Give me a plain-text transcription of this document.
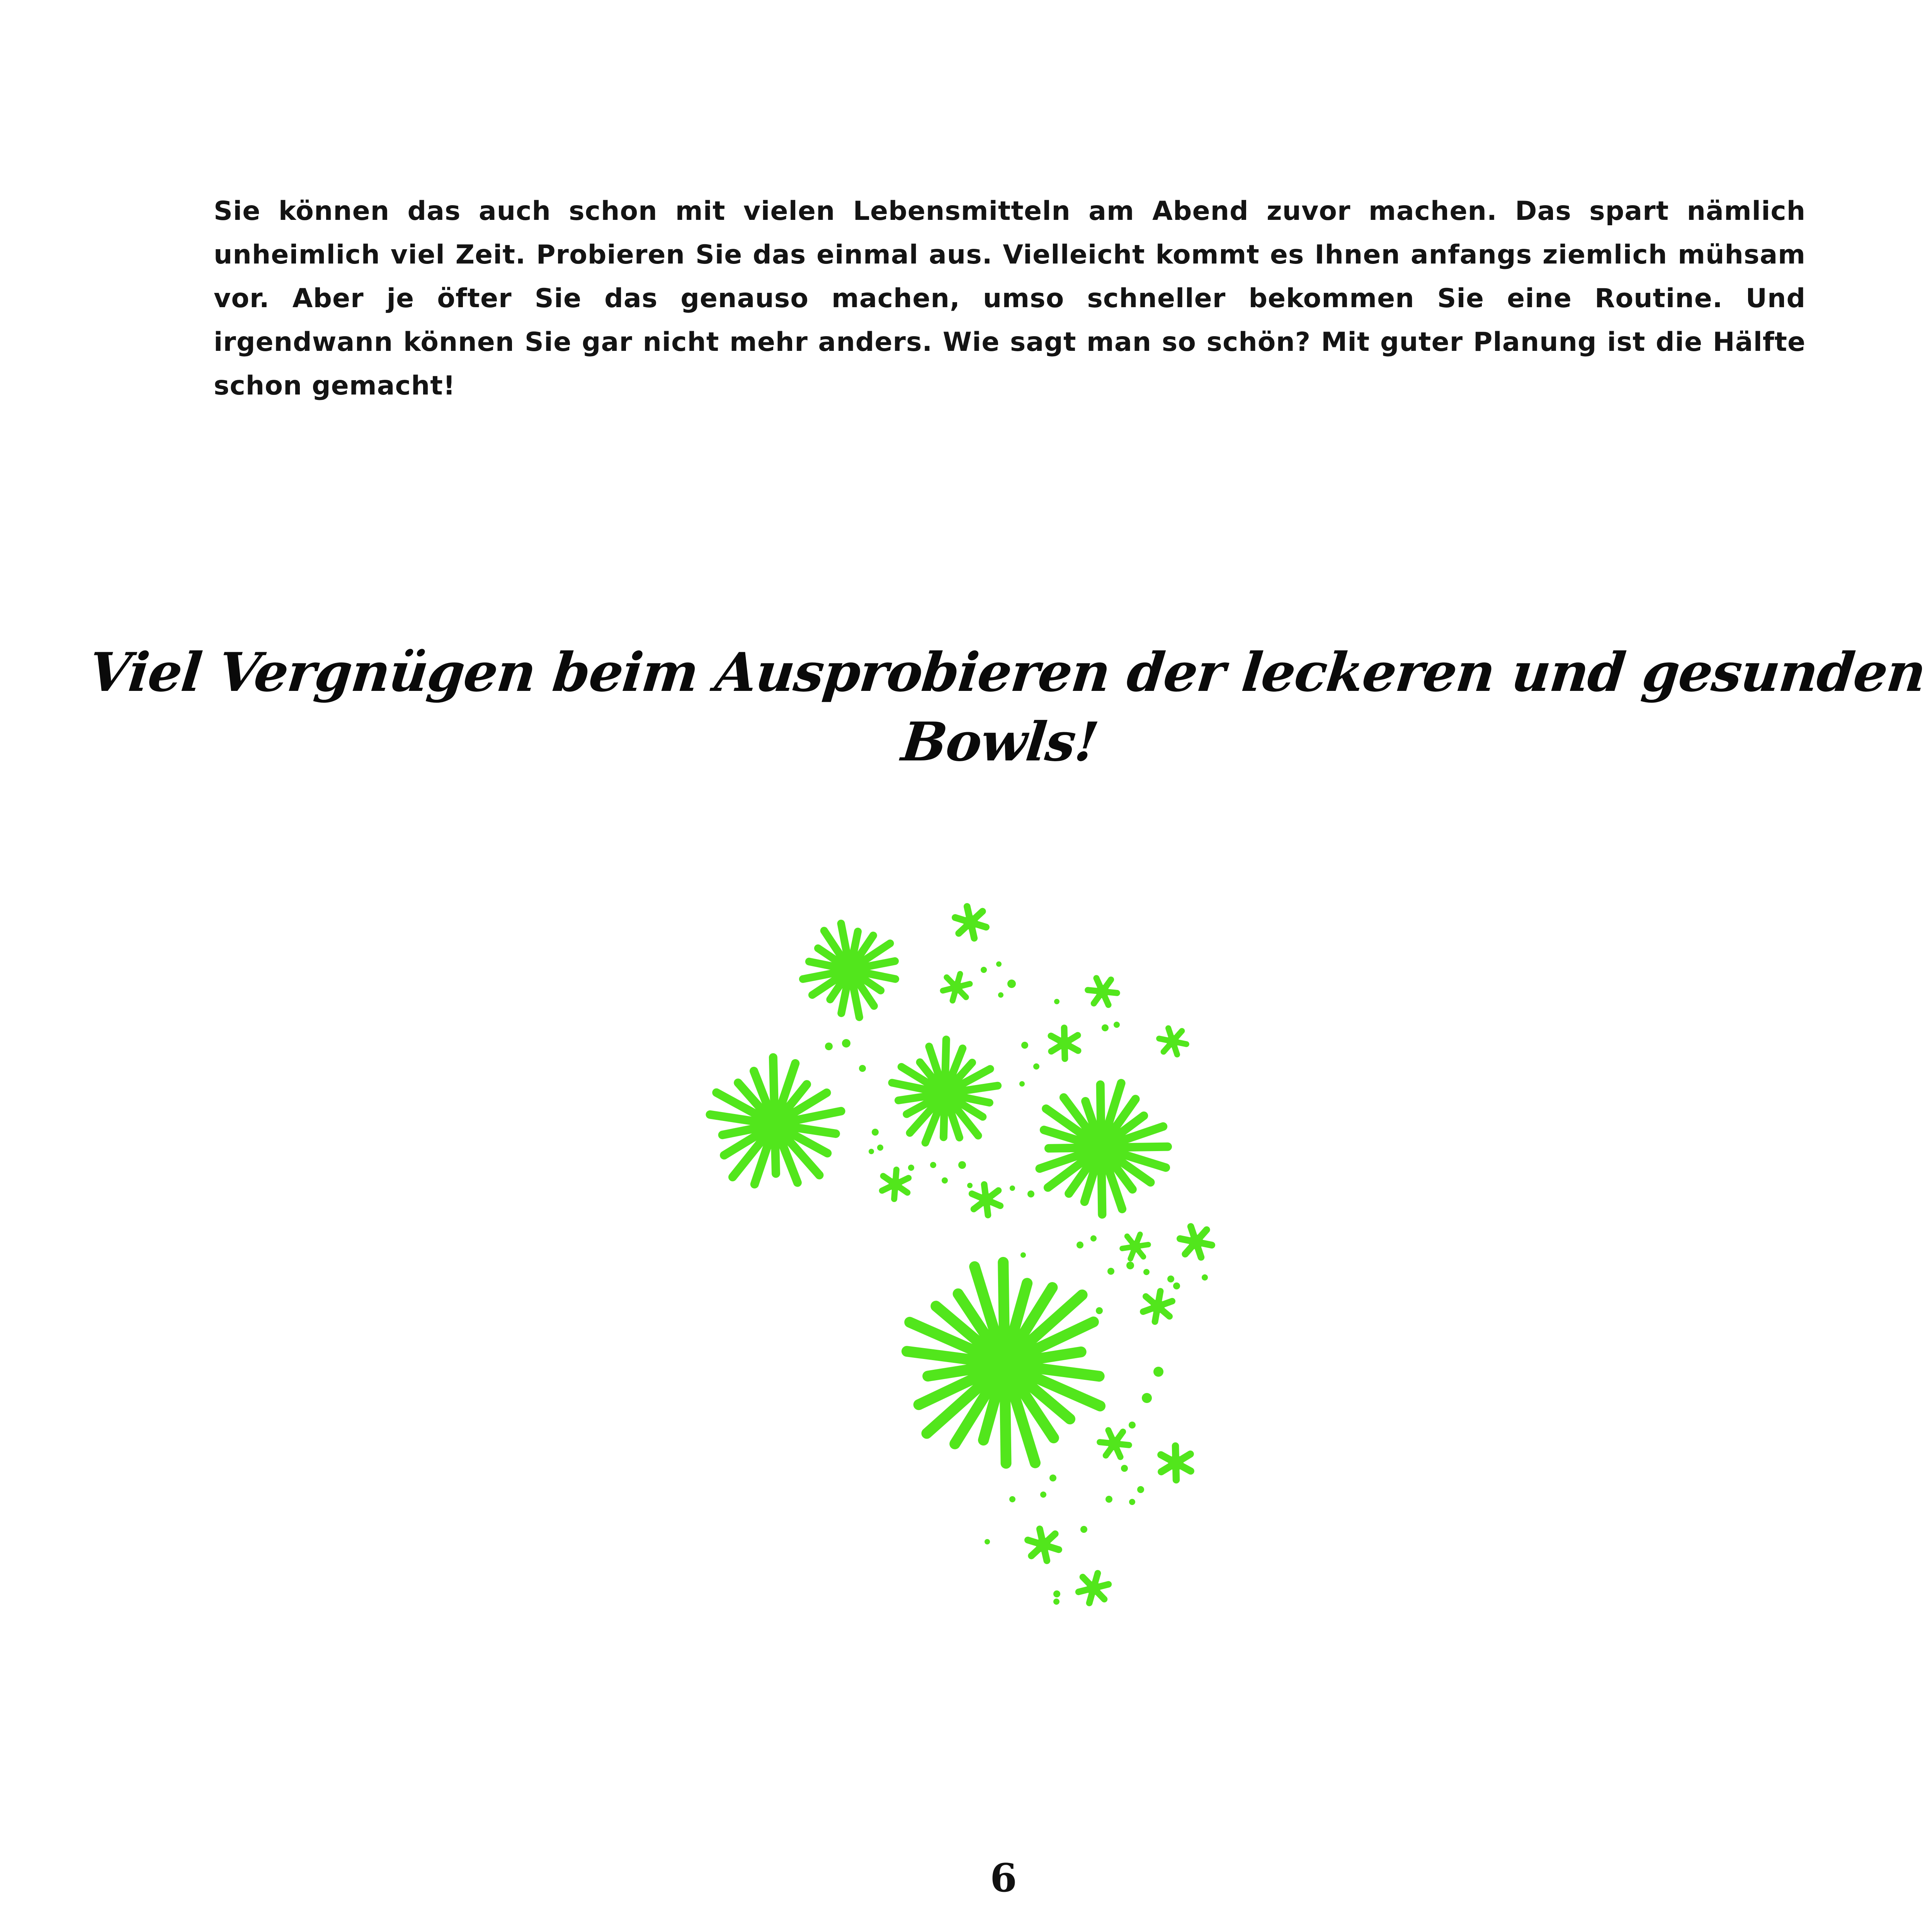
Sie können das auch schon mit vielen Lebensmitteln am Abend zuvor machen. Das spart nämlich unheimlich viel Zeit. Probieren Sie das einmal aus. Vielleicht kommt es Ihnen anfangs ziemlich mühsam vor. Aber je öfter Sie das genauso machen, umso schneller bekommen Sie eine Routine. Und irgendwann können Sie gar nicht mehr anders. Wie sagt man so schön? Mit guter Planung ist die Hälfte schon gemacht!

Viel Vergnügen beim Ausprobieren der leckeren und gesunden Bowls!

6
